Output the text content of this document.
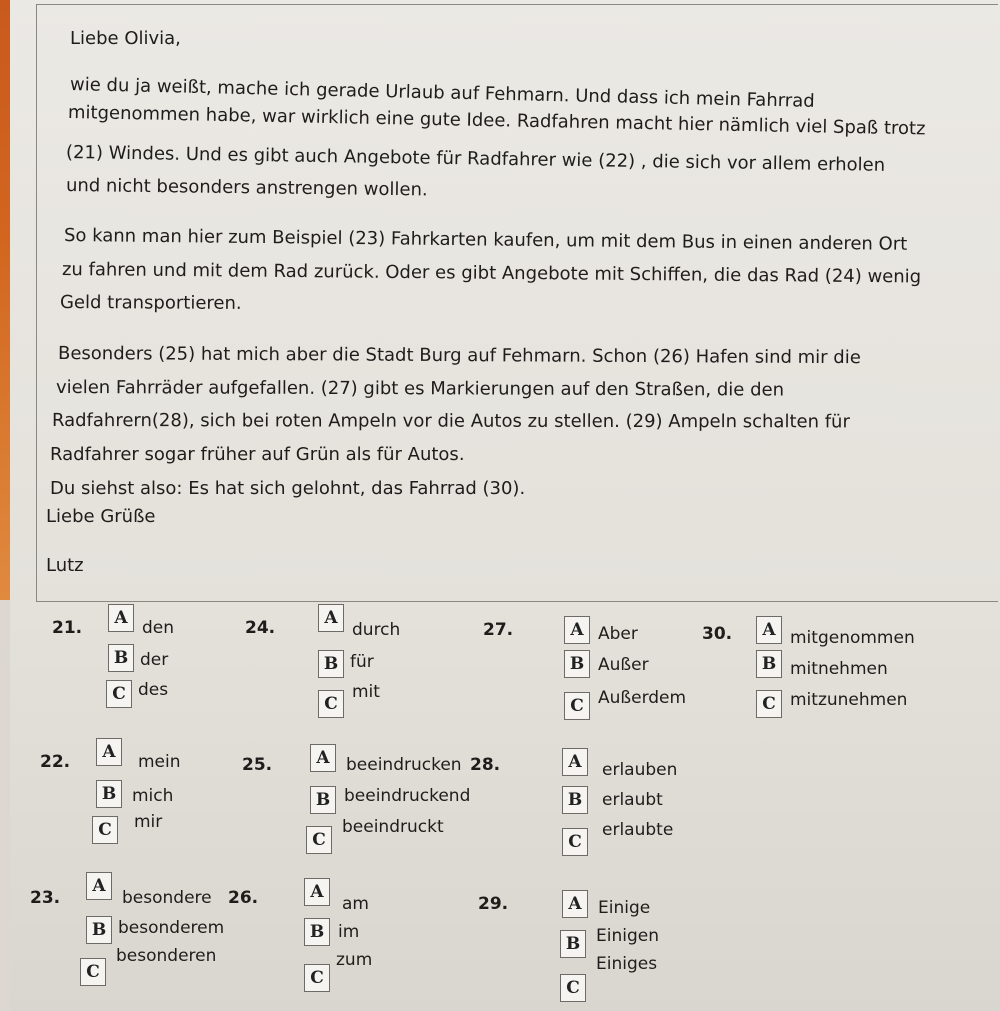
Liebe Olivia,
wie du ja weißt, mache ich gerade Urlaub auf Fehmarn. Und dass ich mein Fahrrad
mitgenommen habe, war wirklich eine gute Idee. Radfahren macht hier nämlich viel Spaß trotz
(21) Windes. Und es gibt auch Angebote für Radfahrer wie (22) , die sich vor allem erholen
und nicht besonders anstrengen wollen.
So kann man hier zum Beispiel (23) Fahrkarten kaufen, um mit dem Bus in einen anderen Ort
zu fahren und mit dem Rad zurück. Oder es gibt Angebote mit Schiffen, die das Rad (24) wenig
Geld transportieren.
Besonders (25) hat mich aber die Stadt Burg auf Fehmarn. Schon (26) Hafen sind mir die
vielen Fahrräder aufgefallen. (27) gibt es Markierungen auf den Straßen, die den
Radfahrern(28), sich bei roten Ampeln vor die Autos zu stellen. (29) Ampeln schalten für
Radfahrer sogar früher auf Grün als für Autos.
Du siehst also: Es hat sich gelohnt, das Fahrrad (30).
Liebe Grüße
Lutz
21.	A den
B der
C des
24.	A
durch
B für
C
mit
27.	A Aber
B Außer
C Außerdem
30.	A mitgenommen
B mitnehmen
C mitzunehmen
22.	A	mein
B mich
C	mir
25.	A beeindrucken
B beeindruckend
C
beeindruckt
28.	A	erlauben
B	erlaubt
C
erlaubte
23.
A
besondere
B besonderem
C
besonderen
26.	A
am
B im
C
zum
29.	A Einige
B Einigen
C
Einiges
